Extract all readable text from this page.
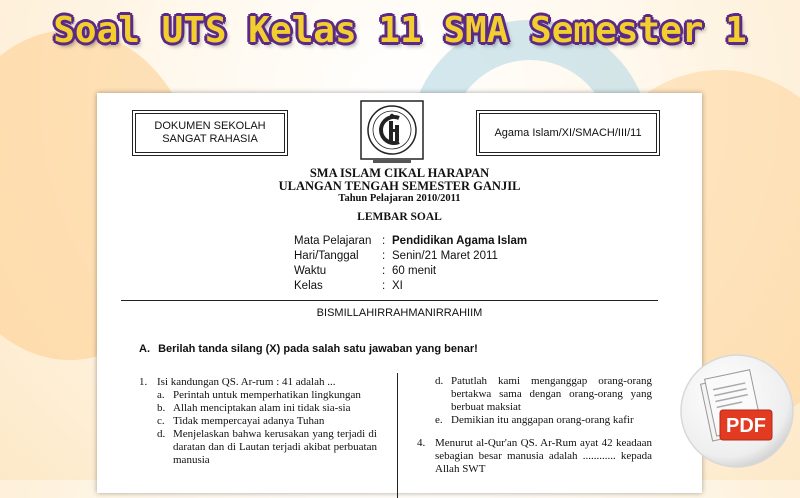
Soal UTS Kelas 11 SMA Semester 1
DOKUMEN SEKOLAH
SANGAT RAHASIA
Agama Islam/XI/SMACH/III/11
SMA ISLAM CIKAL HARAPAN
ULANGAN TENGAH SEMESTER GANJIL
Tahun Pelajaran 2010/2011
LEMBAR SOAL
Mata Pelajaran : Pendidikan Agama Islam
Hari/Tanggal	: Senin/21 Maret 2011
Waktu	: 60 menit
Kelas	: XI
BISMILLAHIRRAHMANIRRAHIIM
A. Berilah tanda silang (X) pada salah satu jawaban yang benar!
1. Isi kandungan QS. Ar-rum : 41 adalah ...
a. Perintah untuk memperhatikan lingkungan
b. Allah menciptakan alam ini tidak sia-sia
c. Tidak mempercayai adanya Tuhan
d. Menjelaskan bahwa kerusakan yang terjadi di daratan dan di Lautan terjadi akibat perbuatan manusia
d. Patutlah kami menganggap orang-orang bertakwa sama dengan orang-orang yang berbuat maksiat
e. Demikian itu anggapan orang-orang kafir
4. Menurut al-Qur'an QS. Ar-Rum ayat 42 keadaan sebagian besar manusia adalah ............ kepada Allah SWT
PDF
